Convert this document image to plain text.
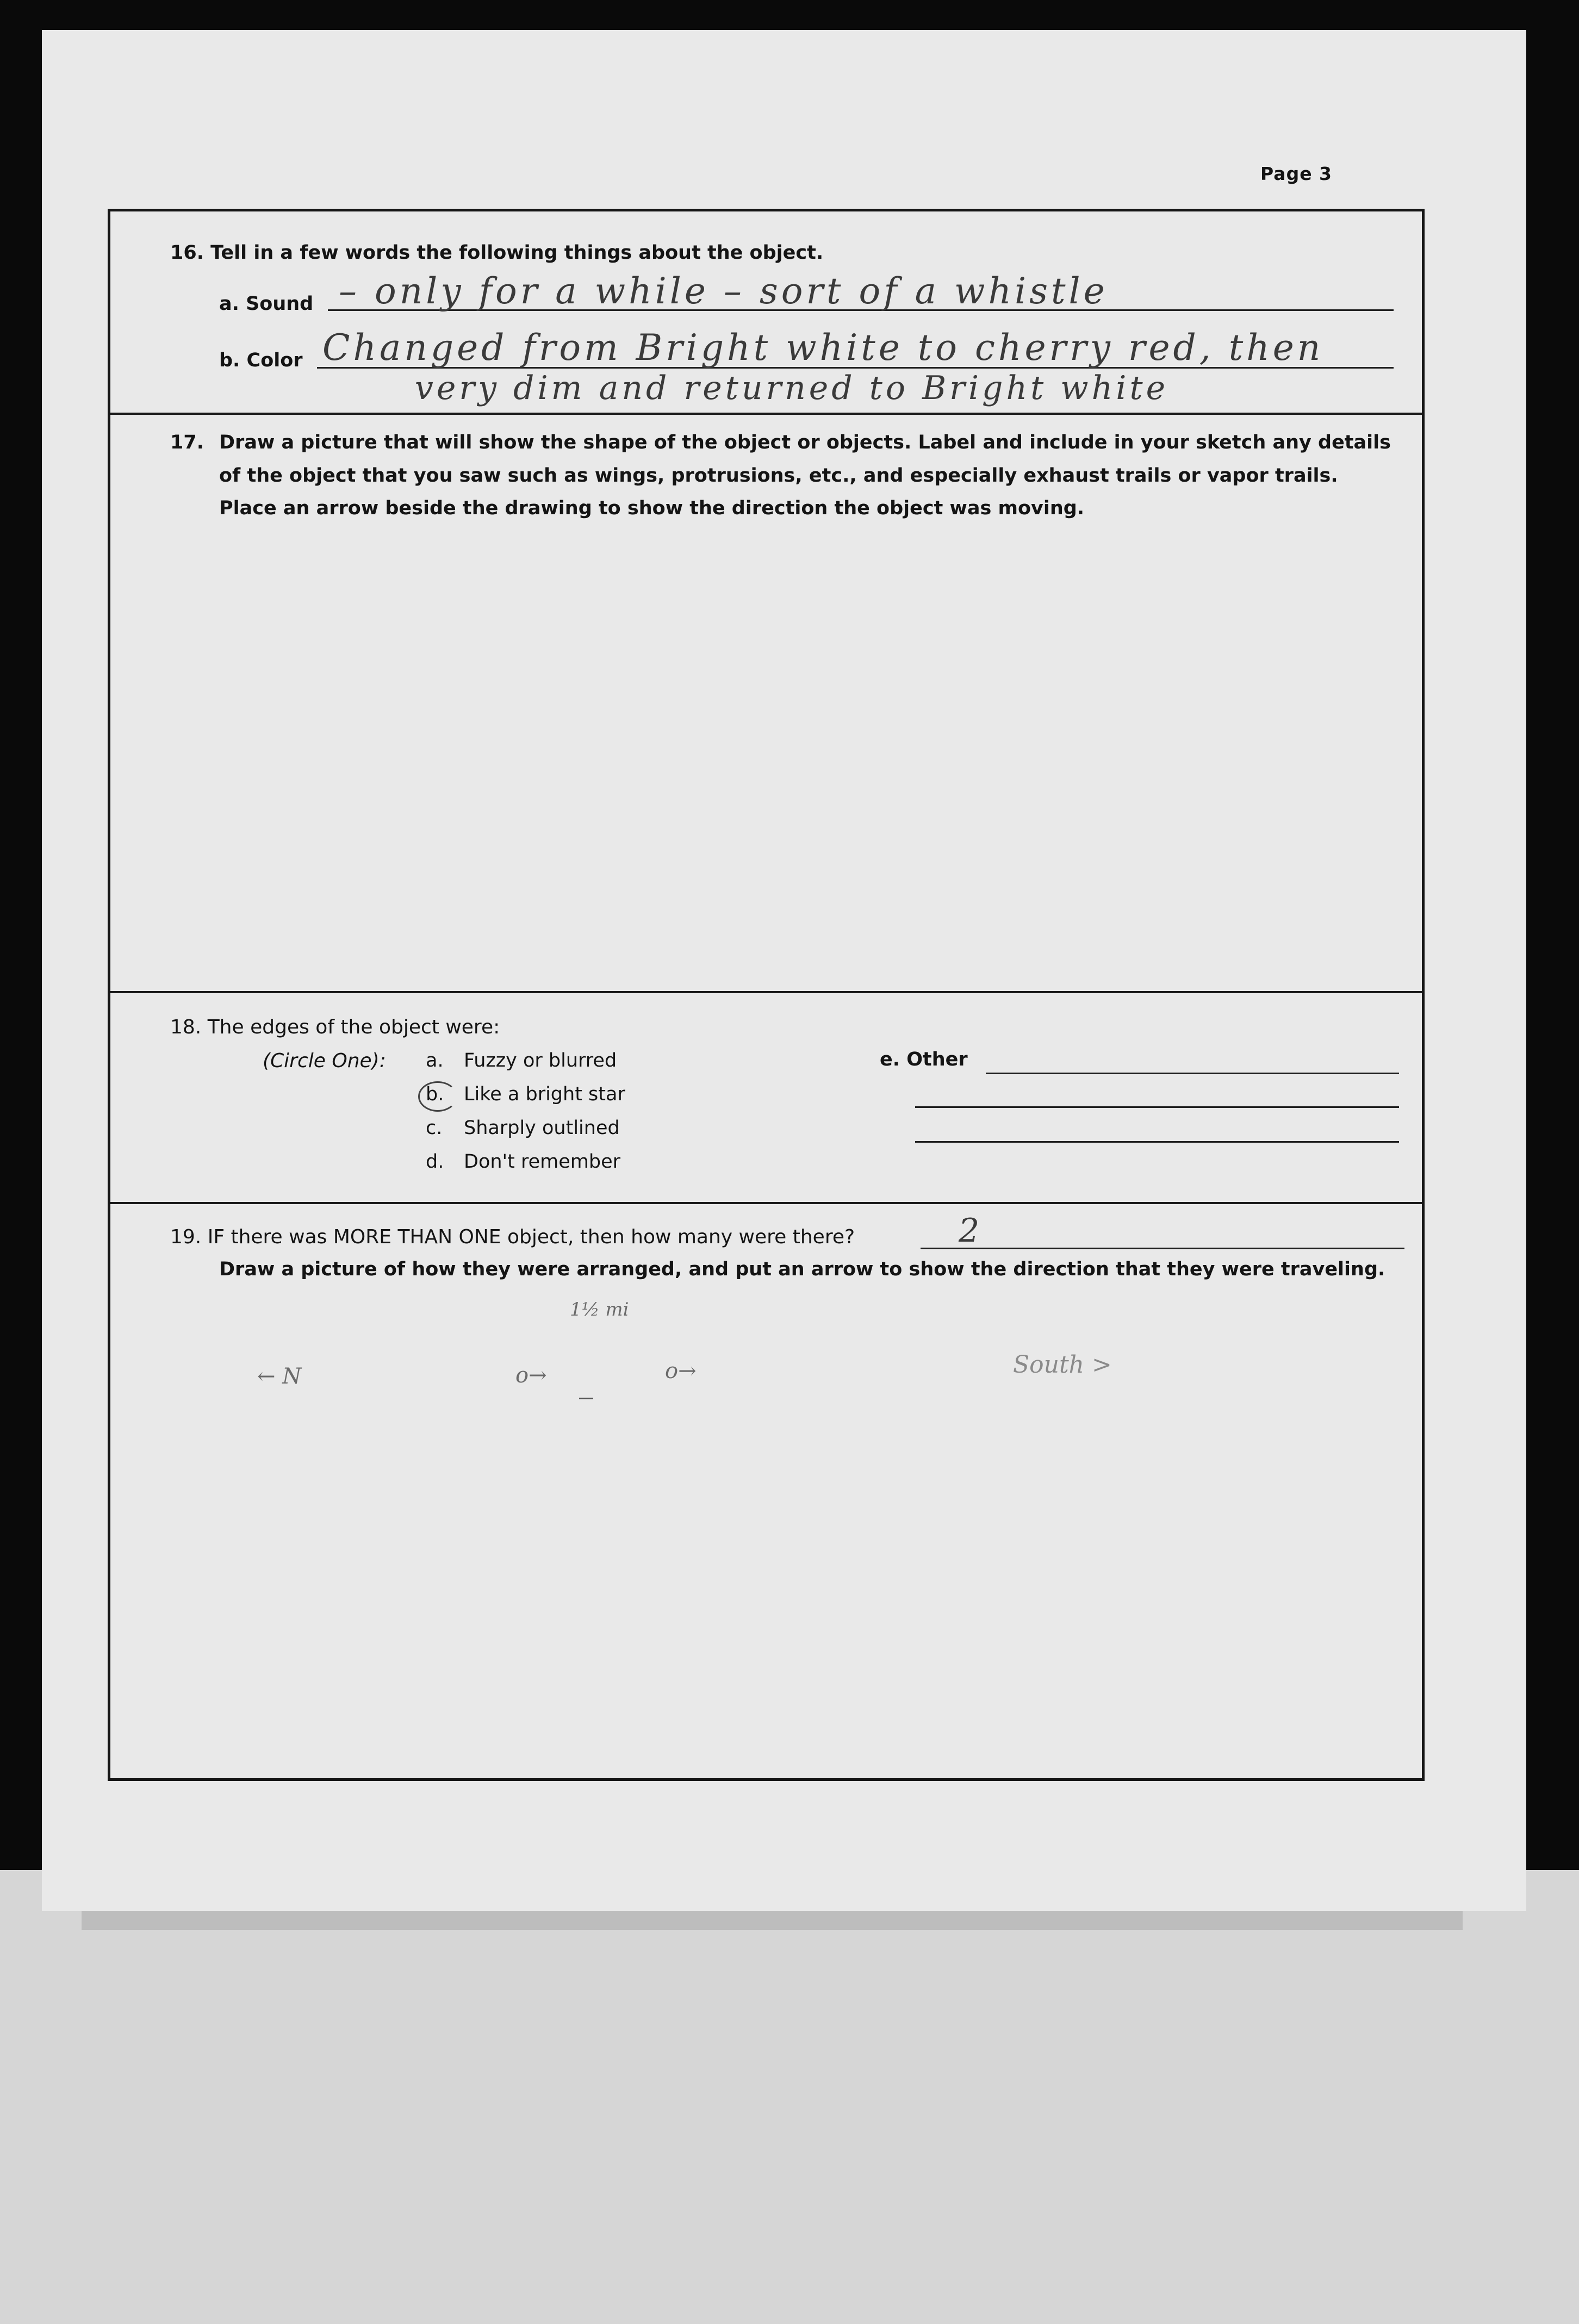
Page 3
16. Tell in a few words the following things about the object.
a. Sound – only for a while – sort of a whistle
b. Color Changed from Bright white to cherry red, then
very dim and returned to Bright white
17. Draw a picture that will show the shape of the object or objects. Label and include in your sketch any details
of the object that you saw such as wings, protrusions, etc., and especially exhaust trails or vapor trails.
Place an arrow beside the drawing to show the direction the object was moving.
18. The edges of the object were:
(Circle One): a. Fuzzy or blurred
b. Like a bright star
c. Sharply outlined
d. Don't remember
e. Other
19. IF there was MORE THAN ONE object, then how many were there?	2
Draw a picture of how they were arranged, and put an arrow to show the direction that they were traveling.
← N
1½ mi
o→	o→	South >
